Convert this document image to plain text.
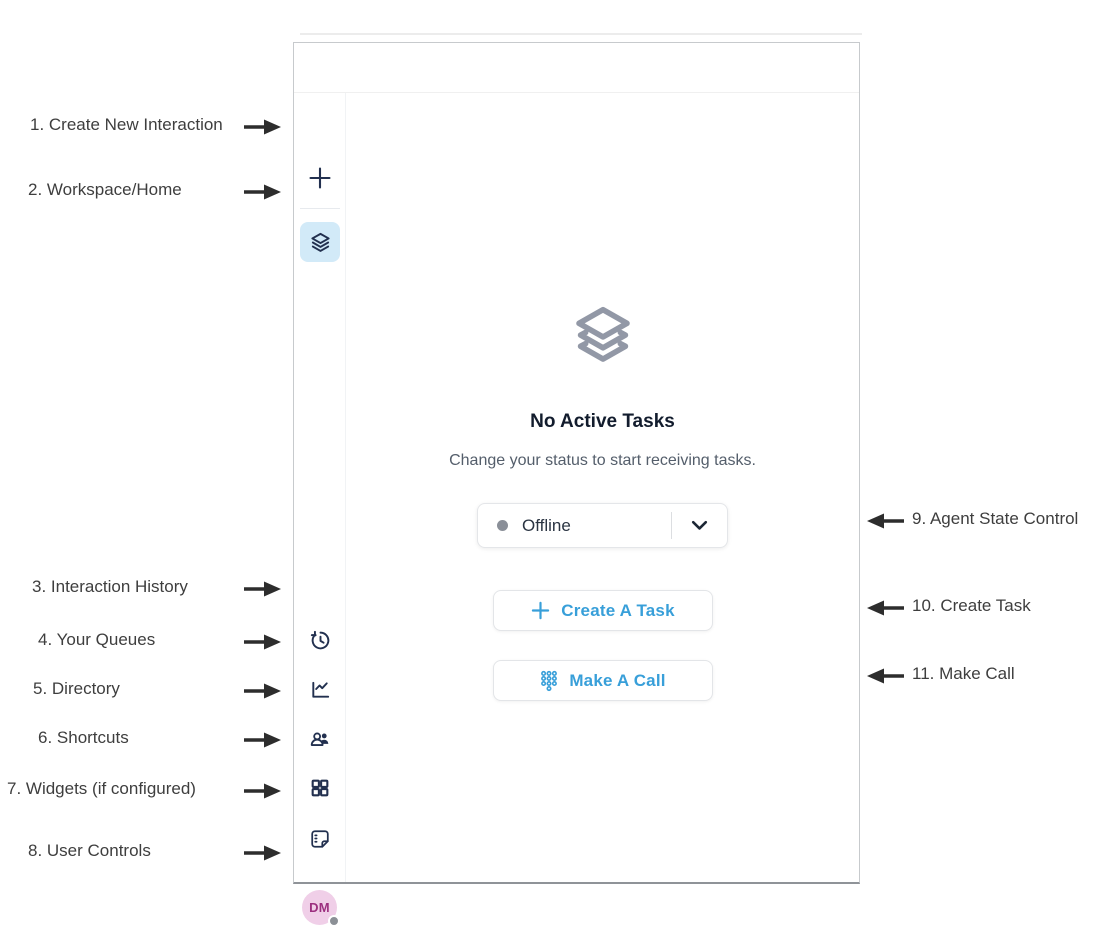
1. Create New Interaction
2. Workspace/Home
3. Interaction History
4. Your Queues
5. Directory
6. Shortcuts
7. Widgets (if configured)
8. User Controls
9. Agent State Control
10. Create Task
11. Make Call
DM
No Active Tasks

Change your status to start receiving tasks.

Offline
Create A Task
Make A Call
